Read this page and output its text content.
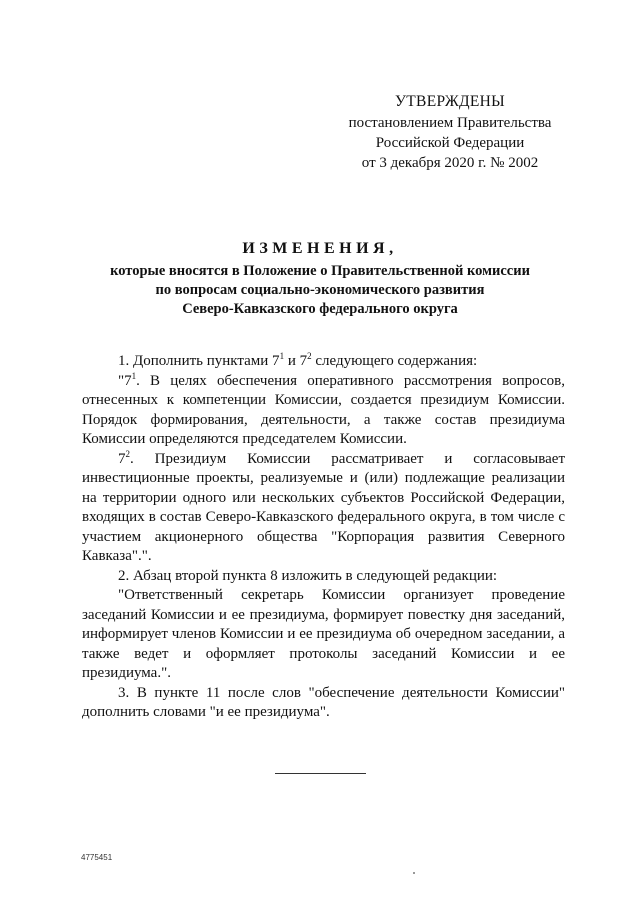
УТВЕРЖДЕНЫ
постановлением Правительства
Российской Федерации
от 3 декабря 2020 г. № 2002
ИЗМЕНЕНИЯ,
которые вносятся в Положение о Правительственной комиссии
по вопросам социально-экономического развития
Северо-Кавказского федерального округа

1. Дополнить пунктами $7^1$ и $7^2$ следующего содержания:

"$7^1$. В целях обеспечения оперативного рассмотрения вопросов, отнесенных к компетенции Комиссии, создается президиум Комиссии. Порядок формирования, деятельности, а также состав президиума Комиссии определяются председателем Комиссии.

$7^2$. Президиум Комиссии рассматривает и согласовывает инвестиционные проекты, реализуемые и (или) подлежащие реализации на территории одного или нескольких субъектов Российской Федерации, входящих в состав Северо-Кавказского федерального округа, в том числе с участием акционерного общества "Корпорация развития Северного Кавказа".".

2. Абзац второй пункта 8 изложить в следующей редакции:

"Ответственный секретарь Комиссии организует проведение заседаний Комиссии и ее президиума, формирует повестку дня заседаний, информирует членов Комиссии и ее президиума об очередном заседании, а также ведет и оформляет протоколы заседаний Комиссии и ее президиума.".

3. В пункте 11 после слов "обеспечение деятельности Комиссии" дополнить словами "и ее президиума".

4775451
